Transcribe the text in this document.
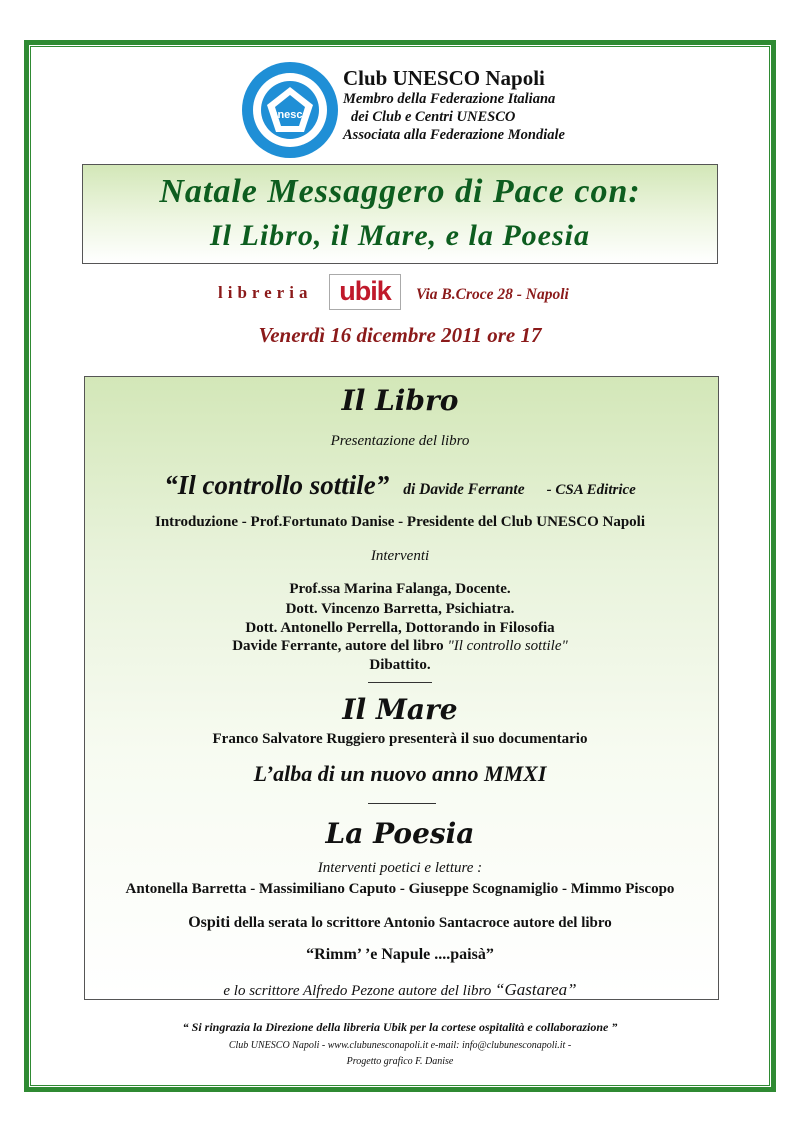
unesco
Club UNESCO Napoli
Membro della Federazione Italiana
dei Club e Centri UNESCO
Associata alla Federazione Mondiale
Natale Messaggero di Pace con:
Il Libro, il Mare, e la Poesia
libreria ubik	Via B.Croce 28 - Napoli
Venerdì 16 dicembre 2011 ore 17
Il Libro
Presentazione del libro
“Il controllo sottile” di Davide Ferrante - CSA Editrice
Introduzione - Prof.Fortunato Danise - Presidente del Club UNESCO Napoli
Interventi
Prof.ssa Marina Falanga, Docente.
Dott. Vincenzo Barretta, Psichiatra.
Dott. Antonello Perrella, Dottorando in Filosofia
Davide Ferrante, autore del libro "Il controllo sottile"
Dibattito.
Il Mare
Franco Salvatore Ruggiero presenterà il suo documentario
L’alba di un nuovo anno MMXI
La Poesia
Interventi poetici e letture :
Antonella Barretta - Massimiliano Caputo - Giuseppe Scognamiglio - Mimmo Piscopo
Ospiti della serata lo scrittore Antonio Santacroce autore del libro
“Rimm’ ’e Napule ....paisà”
e lo scrittore Alfredo Pezone autore del libro “Gastarea”
“ Si ringrazia la Direzione della libreria Ubik per la cortese ospitalità e collaborazione ”
Club UNESCO Napoli - www.clubunesconapoli.it e-mail: info@clubunesconapoli.it -
Progetto grafico F. Danise
